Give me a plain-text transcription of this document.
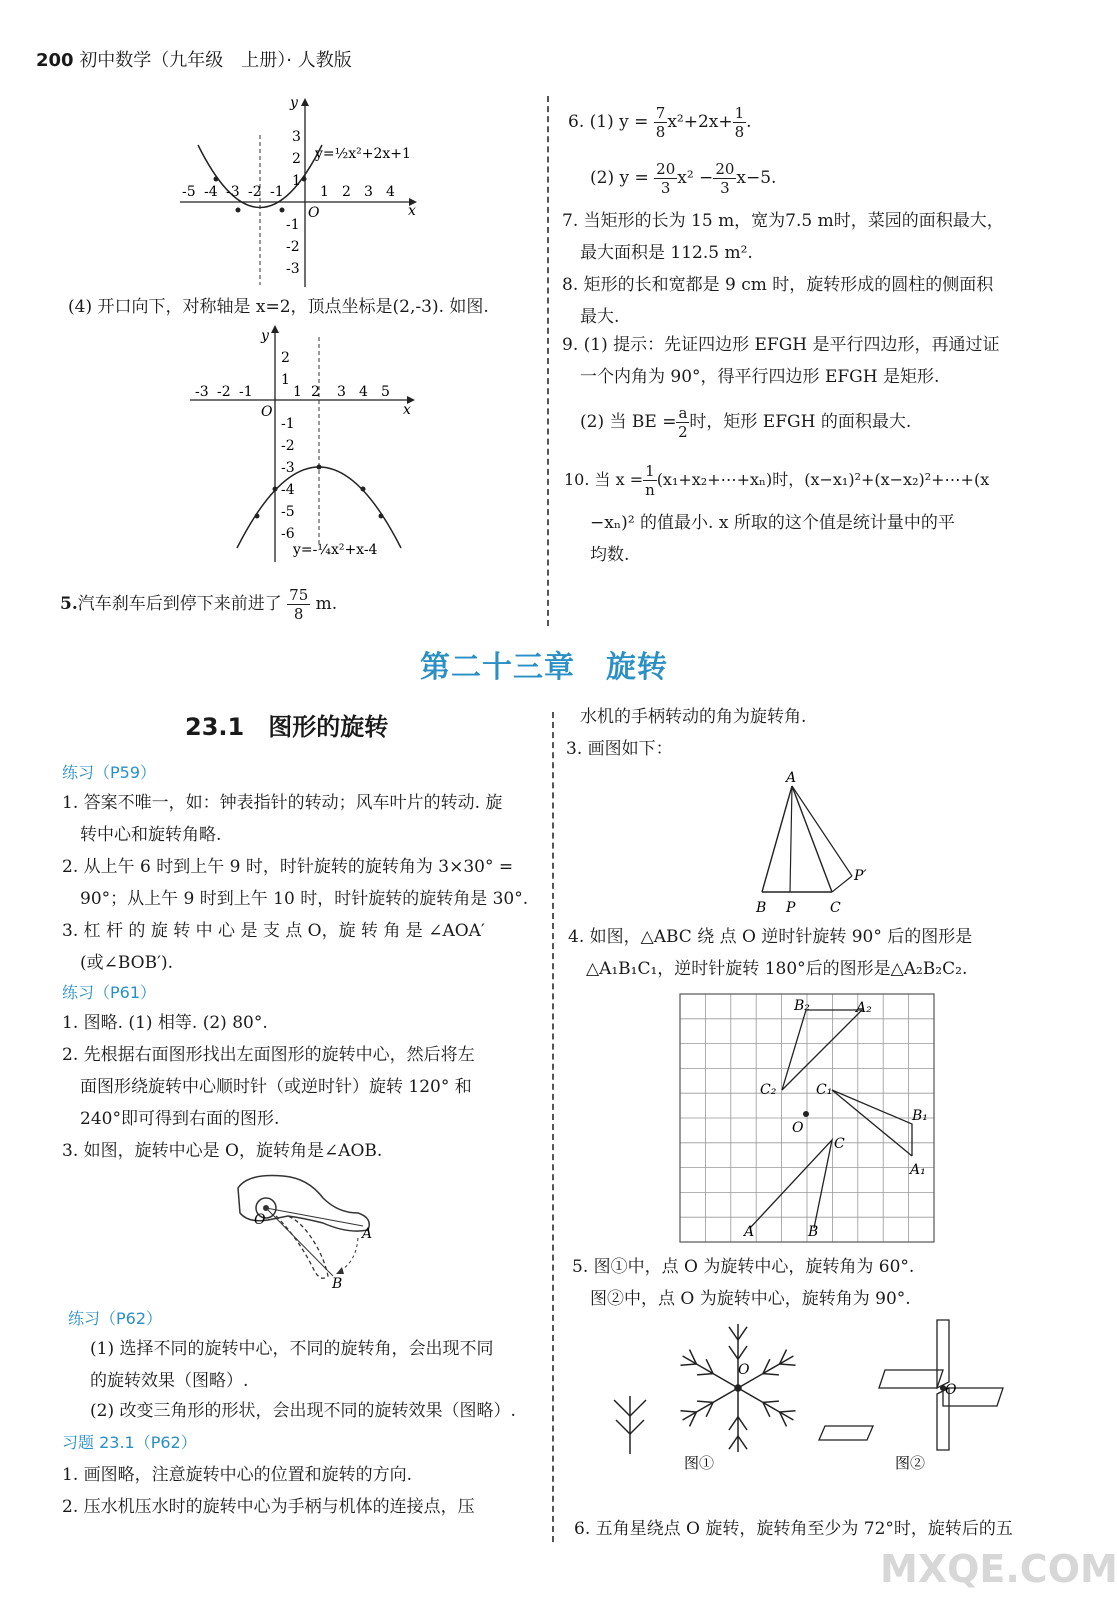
200 初中数学（九年级　上册）· 人教版
y
x
O
y=½x²+2x+1
-5 -4 -3 -2 -1	1 2 3 4
3
2
1
-1
-2
-3
(4) 开口向下，对称轴是 x=2，顶点坐标是(2,-3). 如图.
y
x
O
y=-¼x²+x-4
-3 -2 -1	1 2 3 4 5
2
1
-1
-2
-3
-4
-5
-6
5.汽车刹车后到停下来前进了 $\frac{75}{8} m$.
6. (1) $y = \frac{7}{8} x^2+2x+ \frac{1}{8}$ .
(2) $y = \frac{20}{3} x^2 - \frac{20}{3} x-5$.
7. 当矩形的长为 15 m，宽为7.5 m时，菜园的面积最大，
最大面积是 112.5 m².
8. 矩形的长和宽都是 9 cm 时，旋转形成的圆柱的侧面积
最大.
9. (1) 提示：先证四边形 EFGH 是平行四边形，再通过证
一个内角为 90°，得平行四边形 EFGH 是矩形.
(2) 当 BE = $\frac{a}{2}$ 时，矩形 EFGH 的面积最大.
10. 当 $x = \frac{1}{n}$ (x₁+x₂+⋯+xₙ)时，(x−x₁)²+(x−x₂)²+⋯+(x
−xₙ)² 的值最小. x 所取的这个值是统计量中的平
均数.
第二十三章　旋转
23.1　图形的旋转
练习（P59）
1. 答案不唯一，如：钟表指针的转动；风车叶片的转动. 旋
转中心和旋转角略.
2. 从上午 6 时到上午 9 时，时针旋转的旋转角为 3×30° =
90°；从上午 9 时到上午 10 时，时针旋转的旋转角是 30°.
3. 杠 杆 的 旋 转 中 心 是 支 点 O，旋 转 角 是 ∠AOA′
(或∠BOB′).
练习（P61）
1. 图略. (1) 相等. (2) 80°.
2. 先根据右面图形找出左面图形的旋转中心，然后将左
面图形绕旋转中心顺时针（或逆时针）旋转 120° 和
240°即可得到右面的图形.
3. 如图，旋转中心是 O，旋转角是∠AOB.
O
A
B
练习（P62）
(1) 选择不同的旋转中心，不同的旋转角，会出现不同
的旋转效果（图略）.
(2) 改变三角形的形状，会出现不同的旋转效果（图略）.
习题 23.1（P62）
1. 画图略，注意旋转中心的位置和旋转的方向.
2. 压水机压水时的旋转中心为手柄与机体的连接点，压
水机的手柄转动的角为旋转角.
3. 画图如下：
A
B P C
P′
4. 如图，△ABC 绕 点 O 逆时针旋转 90° 后的图形是
△A₁B₁C₁，逆时针旋转 180°后的图形是△A₂B₂C₂.
B₂	A₂
C₂	C₁
B₁
O
C
A₁
A	B
5. 图①中，点 O 为旋转中心，旋转角为 60°.
图②中，点 O 为旋转中心，旋转角为 90°.
O
图①
O
图②
6. 五角星绕点 O 旋转，旋转角至少为 72°时，旋转后的五
MXQE.COM
